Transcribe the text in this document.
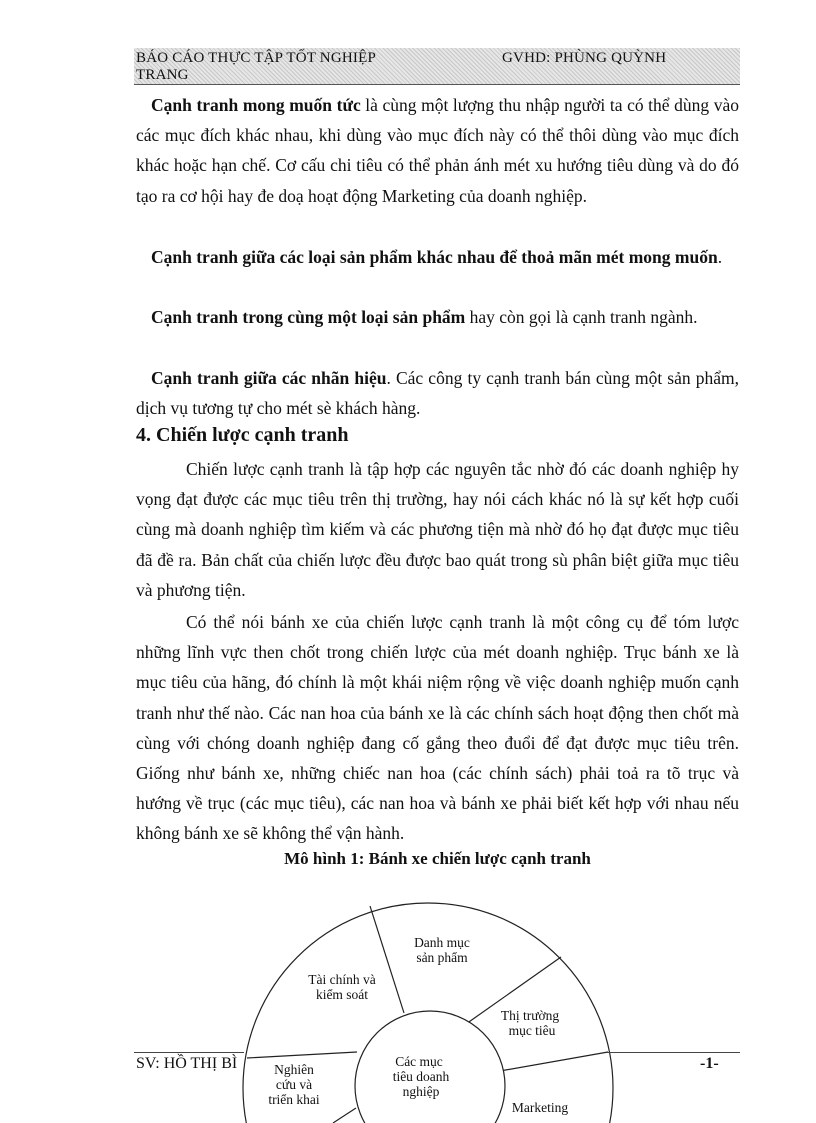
BÁO CÁO THỰC TẬP TỐT NGHIỆP	GVHD: PHÙNG QUỲNH
TRANG

Cạnh tranh mong muốn tức là cùng một lượng thu nhập người ta có thể dùng vào các mục đích khác nhau, khi dùng vào mục đích này có thể thôi dùng vào mục đích khác hoặc hạn chế. Cơ cấu chi tiêu có thể phản ánh mét xu hướng tiêu dùng và do đó tạo ra cơ hội hay đe doạ hoạt động Marketing của doanh nghiệp.

Cạnh tranh giữa các loại sản phẩm khác nhau để thoả mãn mét mong muốn.

Cạnh tranh trong cùng một loại sản phẩm hay còn gọi là cạnh tranh ngành.

Cạnh tranh giữa các nhãn hiệu. Các công ty cạnh tranh bán cùng một sản phẩm, dịch vụ tương tự cho mét sè khách hàng.

4. Chiến lược cạnh tranh

Chiến lược cạnh tranh là tập hợp các nguyên tắc nhờ đó các doanh nghiệp hy vọng đạt được các mục tiêu trên thị trường, hay nói cách khác nó là sự kết hợp cuối cùng mà doanh nghiệp tìm kiếm và các phương tiện mà nhờ đó họ đạt được mục tiêu đã đề ra. Bản chất của chiến lược đều được bao quát trong sù phân biệt giữa mục tiêu và phương tiện.

Có thể nói bánh xe của chiến lược cạnh tranh là một công cụ để tóm lược những lĩnh vực then chốt trong chiến lược của mét doanh nghiệp. Trục bánh xe là mục tiêu của hãng, đó chính là một khái niệm rộng về việc doanh nghiệp muốn cạnh tranh như thế nào. Các nan hoa của bánh xe là các chính sách hoạt động then chốt mà cùng với chóng doanh nghiệp đang cố gắng theo đuổi để đạt được mục tiêu trên. Giống như bánh xe, những chiếc nan hoa (các chính sách) phải toả ra tõ trục và hướng về trục (các mục tiêu), các nan hoa và bánh xe phải biết kết hợp với nhau nếu không bánh xe sẽ không thể vận hành.

Mô hình 1: Bánh xe chiến lược cạnh tranh
Các mục
tiêu doanh
nghiệp
Danh mục
sản phẩm
Thị trường
mục tiêu
Marketing
Tài chính và
kiểm soát
Nghiên
cứu và
triển khai
SV: HỒ THỊ BÌ	-1-
